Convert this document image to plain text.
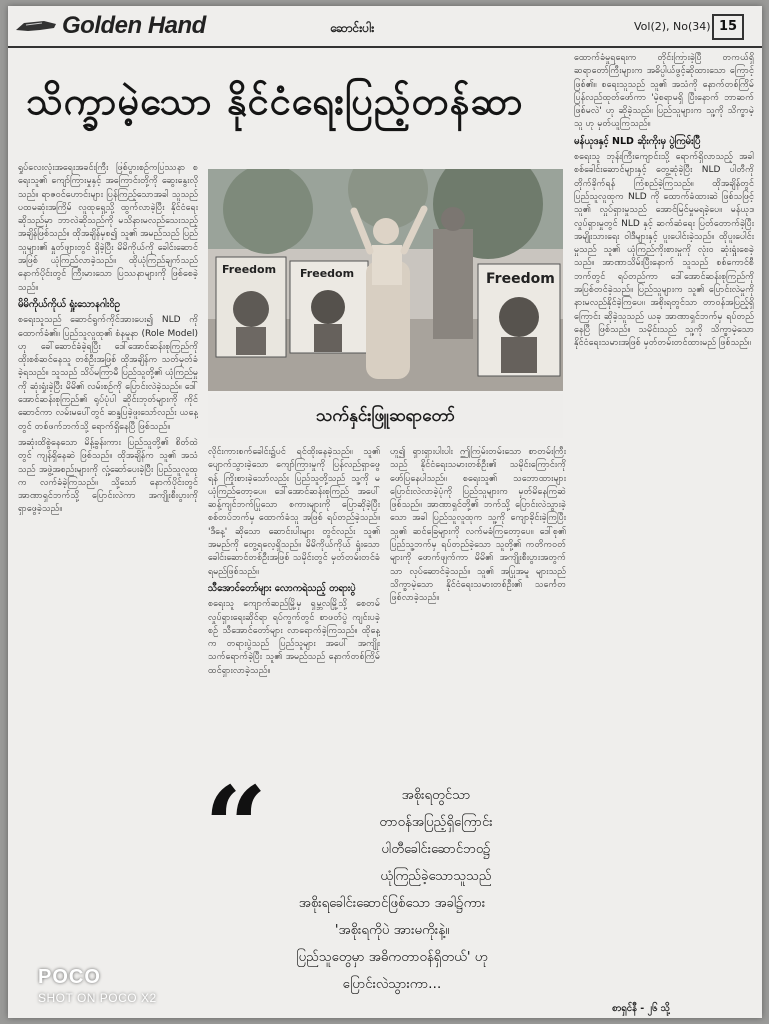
Golden Hand	ဆောင်းပါး	Vol(2), No(34) 15
သိက္ခာမဲ့သော နိုင်ငံရေးပြည့်တန်ဆာ

ရှုပ်လေးလုံးအရေးအခင်းကြီး ဖြစ်ပွားစဉ်ကပြဿနာ စရေးသူ၏ ကျော်ကြားမှုနှင့် အကြောင်းတို့ကို ဆွေးနွေးလိုသည်။ ရာဇဝင်ဟောင်းများ ပြန်ကြည့်သောအခါ သူသည် ပထမဆုံးအကြိမ် လူထုရှေ့သို့ ထွက်လာခဲ့ပြီး နိုင်ငံရေးဆိုသည်မှာ ဘာလဲဆိုသည်ကို မသိနားမလည်သေးသည့် အချိန်ဖြစ်သည်။ ထိုအချိန်မှစ၍ သူ၏ အမည်သည် ပြည်သူများ၏ နှုတ်ဖျားတွင် ရှိခဲ့ပြီး မိမိကိုယ်ကို ခေါင်းဆောင်အဖြစ် ယုံကြည်လာခဲ့သည်။ ထိုယုံကြည်ချက်သည် နောက်ပိုင်းတွင် ကြီးမားသော ပြဿနာများကို ဖြစ်စေခဲ့သည်။

မိမိကိုယ်ကိုယ် ရှုံးသောနဂါးဝိဥ

စရေးသူသည် ဆောင်ရွက်ကိုင်အားပေး၍ NLD ကို ထောက်ခံ၏။ ပြည်သူလူထု၏ စံနမူနာ (Role Model) ဟု ခေါ်ဆောင်ခံခဲ့ရပြီး ဒေါ်အောင်ဆန်းစုကြည်ကို ထိုးစစ်ဆင်နေသူ တစ်ဦးအဖြစ် ထိုအချိန်က သတ်မှတ်ခံခဲ့ရသည်။ သူသည် သိပ်မကြာမီ ပြည်သူတို့၏ ယုံကြည်မှုကို ဆုံးရှုံးခဲ့ပြီး မိမိ၏ လမ်းစဉ်ကို ပြောင်းလဲခဲ့သည်။ ဒေါ်အောင်ဆန်းစုကြည်၏ ရုပ်ပုံပါ ဆိုင်းဘုတ်များကို ကိုင်ဆောင်ကာ လမ်းမပေါ်တွင် ဆန္ဒပြခဲ့ဖူးသော်လည်း ယနေ့တွင် တစ်ဖက်ဘက်သို့ ရောက်ရှိနေပြီ ဖြစ်သည်။

အဆုံးထိစွဲနေသော မိန့်ခွန်းကား ပြည်သူတို့၏ စိတ်ထဲတွင် ကျန်ရှိနေဆဲ ဖြစ်သည်။ ထိုအချိန်က သူ၏ အသံသည် အဖွဲ့အစည်းများကို လှုံ့ဆော်ပေးခဲ့ပြီး ပြည်သူလူထုက လက်ခံခဲ့ကြသည်။ သို့သော် နောက်ပိုင်းတွင် အာဏာရှင်ဘက်သို့ ပြောင်းလဲကာ အကျိုးစီးပွားကို ရှာဖွေခဲ့သည်။

Freedom Freedom	Freedom
သက်နှင်းဖြူဆရာတော်

လိုင်းကားစက်ခေါင်း၌ပင် ရင်ထိုးနေခဲ့သည်။ သူ၏ ပျောက်သွားခဲ့သော ကျော်ကြားမှုကို ပြန်လည်ရှာဖွေရန် ကြိုးစားခဲ့သော်လည်း ပြည်သူတို့သည် သူ့ကို မယုံကြည်တော့ပေ။ ဒေါ်အောင်ဆန်းစုကြည် အပေါ် ဆန့်ကျင်ဘက်ပြုသော စကားများကို ပြောဆိုခဲ့ပြီး စစ်တပ်ဘက်မှ ထောက်ခံသူ အဖြစ် ရပ်တည်ခဲ့သည်။ 'ဒီနေ့' ဆိုသော ဆောင်းပါးများ တွင်လည်း သူ၏ အမည်ကို တွေ့ရလေ့ရှိသည်။ မိမိကိုယ်ကိုယ် ရှုံးသော ခေါင်းဆောင်တစ်ဦးအဖြစ် သမိုင်းတွင် မှတ်တမ်းတင်ခံရမည်ဖြစ်သည်။

သီအောင်တော်များ လောကရဲသည့် တရားပွဲ

စရေးသူ ကျောက်ဆည်မြို့မှ ရှမ္ဘလမြို့သို့ စေတမ်လှုပ်ရှားရေးဆိုင်ရာ ရပ်ကွက်တွင် စာဖတ်ပွဲ ကျင်းပခဲ့စဉ် သီအောင်တော်များ လာရောက်ခဲ့ကြသည်။ ထိုနေ့က တရားပွဲသည် ပြည်သူများ အပေါ် အကျိုးသက်ရောက်ခဲ့ပြီး သူ၏ အမည်သည် နောက်တစ်ကြိမ် ထင်ရှားလာခဲ့သည်။

ဟူ၍ ရှားရှားပါးပါး ဤကြမ်းတမ်းသော စာတမ်းကြီးသည် နိုင်ငံရေးသမားတစ်ဦး၏ သမိုင်းကြောင်းကို ဖော်ပြနေပါသည်။ စရေးသူ၏ သဘောထားများ ပြောင်းလဲလာခဲ့ပုံကို ပြည်သူများက မှတ်မိနေကြဆဲ ဖြစ်သည်။ အာဏာရှင်တို့၏ ဘက်သို့ ပြောင်းလဲသွားခဲ့သော အခါ ပြည်သူလူထုက သူ့ကို ကျောခိုင်းခဲ့ကြပြီး သူ၏ ဆင်ခြေများကို လက်မခံကြတော့ပေ။ ဒေါ်စု၏ ပြည်သူ့ဘက်မှ ရပ်တည်ခဲ့သော သူတို့၏ ကတိကဝတ်များကို ဖောက်ဖျက်ကာ မိမိ၏ အကျိုးစီးပွားအတွက်သာ လုပ်ဆောင်ခဲ့သည်။ သူ၏ အပြုအမူ များသည် သိက္ခာမဲ့သော နိုင်ငံရေးသမားတစ်ဦး၏ သင်္ကေတ ဖြစ်လာခဲ့သည်။

ထောက်ခံမှုရရေးက တိုင်းကြားခဲ့ပြီ တကယ်ရှိ ဆရာတော်ကြီးများက အဓိပ္ပါယ်ဖွင့်ဆိုထားသော ကြောင့်ဖြစ်၏။ စရေးသူသည် သူ၏ အသံကို နောက်တစ်ကြိမ် ပြန်လည်ထုတ်ဖော်ကာ 'မဲ့စရာမရှိ ပြီးနောက် ဘာဆက်ဖြစ်မလဲ' ဟု ဆိုခဲ့သည်။ ပြည်သူများက သူ့ကို သိက္ခာမဲ့သူ ဟု မှတ်ယူကြသည်။

မန်ယုဒနှင့် NLD ဆိုးကိုးမှ ပွဲကြမ်းပြီ

စရေးသူ ဘုန်းကြီးကျောင်းသို့ ရောက်ရှိလာသည့် အခါ စစ်ခေါင်းဆောင်များနှင့် တွေ့ဆုံခဲ့ပြီး NLD ပါတီကို တိုက်ခိုက်ရန် ကြံစည်ခဲ့ကြသည်။ ထိုအချိန်တွင် ပြည်သူလူထုက NLD ကို ထောက်ခံထားဆဲ ဖြစ်သဖြင့် သူ၏ လှုပ်ရှားမှုသည် အောင်မြင်မှုမရခဲ့ပေ။ မန်ယုဒ လှုပ်ရှားမှုတွင် NLD နှင့် ဆက်ဆံရေး ပြတ်တောက်ခဲ့ပြီး အမျိုးသားရေး ဝါဒီများနှင့် ပူးပေါင်းခဲ့သည်။ ထိုပူးပေါင်းမှုသည် သူ၏ ယုံကြည်ကိုးစားမှုကို လုံးဝ ဆုံးရှုံးစေခဲ့သည်။ အာဏာသိမ်းပြီးနောက် သူသည် စစ်ကောင်စီ ဘက်တွင် ရပ်တည်ကာ ဒေါ်အောင်ဆန်းစုကြည်ကို အပြစ်တင်ခဲ့သည်။ ပြည်သူများက သူ၏ ပြောင်းလဲမှုကို နားမလည်နိုင်ခဲ့ကြပေ။ အစိုးရတွင်သာ တာဝန်အပြည့်ရှိကြောင်း ဆိုခဲ့သူသည် ယခု အာဏာရှင်ဘက်မှ ရပ်တည်နေပြီ ဖြစ်သည်။ သမိုင်းသည် သူ့ကို သိက္ခာမဲ့သော နိုင်ငံရေးသမားအဖြစ် မှတ်တမ်းတင်ထားမည် ဖြစ်သည်။

“	အစိုးရတွင်သာ
တာဝန်အပြည့်ရှိကြောင်း
ပါတီခေါင်းဆောင်ဘဝ၌
ယုံကြည်ခဲ့သောသူသည်
အစိုးရခေါင်းဆောင်ဖြစ်သော အခါ၌ကား
'အစိုးရကိုပဲ အားမကိုးနဲ့။
ပြည်သူတွေမှာ အဓိကတာဝန်ရှိတယ်' ဟု
ပြောင်းလဲသွားကာ…
စာရှင်နီ - ၂၆ သို့
POCO
SHOT ON POCO X2
